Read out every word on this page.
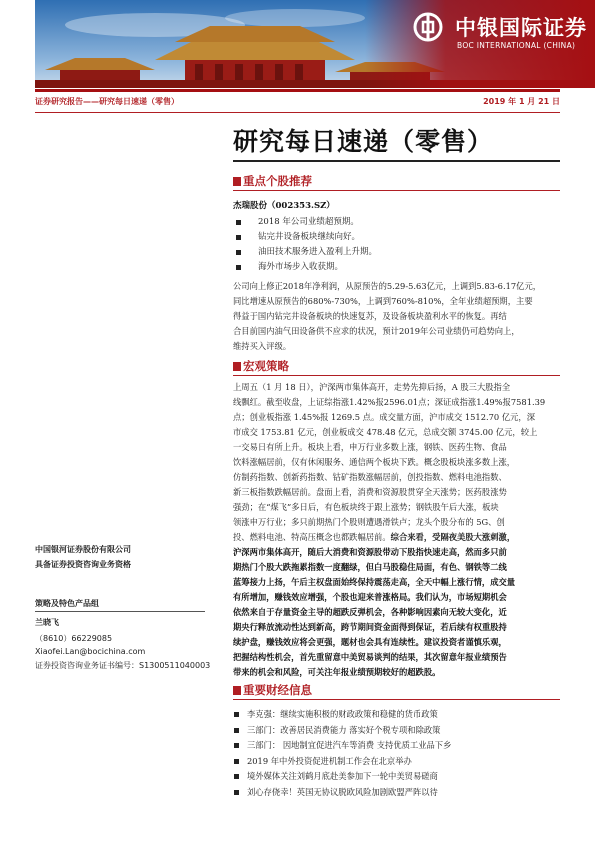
中银国际证券
BOC INTERNATIONAL (CHINA)
证券研究报告——研究每日速递（零售）	2019 年 1 月 21 日
研究每日速递（零售）
重点个股推荐
杰瑞股份（002353.SZ）
2018 年公司业绩超预期。
钻完井设备板块继续向好。
油田技术服务进入盈利上升期。
海外市场步入收获期。
公司向上修正2018年净利润，从原预告的5.29-5.63亿元，上调到5.83-6.17亿元，
同比增速从原预告的680%-730%，上调到760%-810%，全年业绩超预期，主要
得益于国内钻完井设备板块的快速复苏，及设备板块盈利水平的恢复。再结
合目前国内油气田设备供不应求的状况，预计2019年公司业绩仍可趋势向上，
维持买入评级。
宏观策略
上周五（1 月 18 日），沪深两市集体高开，走势先抑后扬，A 股三大股指全
线飘红。截至收盘，上证综指涨1.42%报2596.01点；深证成指涨1.49%报7581.39
点；创业板指涨 1.45%报 1269.5 点。成交量方面，沪市成交 1512.70 亿元，深
市成交 1753.81 亿元，创业板成交 478.48 亿元，总成交额 3745.00 亿元，较上
一交易日有所上升。板块上看，申万行业多数上涨，钢铁、医药生物、食品
饮料涨幅居前，仅有休闲服务、通信两个板块下跌。概念股板块涨多数上涨，
仿制药指数、创新药指数、钴矿指数涨幅居前，创投指数、燃料电池指数、
新三板指数跌幅居前。盘面上看，消费和资源股贯穿全天涨势；医药股涨势
强劲；在“煤飞”多日后，有色板块终于跟上涨势；钢铁股午后大涨，板块
领涨申万行业；多只前期热门个股则遭遇滑铁卢；龙头个股分布的 5G、创
投、燃料电池、特高压概念也都跌幅居前。综合来看，受隔夜美股大涨刺激，
沪深两市集体高开，随后大消费和资源股带动下股指快速走高，然而多只前
期热门个股大跌拖累指数一度翻绿，但白马股稳住局面，有色、钢铁等二线
蓝筹接力上扬，午后主权盘面始终保持震荡走高，全天中幅上涨行情，成交量
有所增加，赚钱效应增强，个股也迎来普涨格局。我们认为，市场短期机会
依然来自于存量资金主导的超跌反弹机会，各种影响因素向无较大变化，近
期央行释放流动性达到新高，跨节期间资金面得到保证，若后续有权重股持
续护盘，赚钱效应将会更强，题材也会具有连续性。建议投资者谨慎乐观，
把握结构性机会，首先重留意中美贸易谈判的结果，其次留意年报业绩预告
带来的机会和风险，可关注年报业绩预期较好的超跌股。
重要财经信息
李克强：继续实施积极的财政政策和稳健的货币政策
三部门：改善居民消费能力 落实好个税专项和除政策
三部门： 因地制宜促进汽车等消费 支持优质工业品下乡
2019 年中外投资促进机制工作会在北京举办
境外媒体关注刘鹤月底赴美参加下一轮中美贸易磋商
刘心存侥幸！英国无协议脱欧风险加剧欧盟严阵以待
中国银河证券股份有限公司
具备证券投资咨询业务资格
策略及特色产品组
兰晓飞
（8610）66229085
Xiaofei.Lan@bocichina.com
证券投资咨询业务证书编号：S1300511040003
